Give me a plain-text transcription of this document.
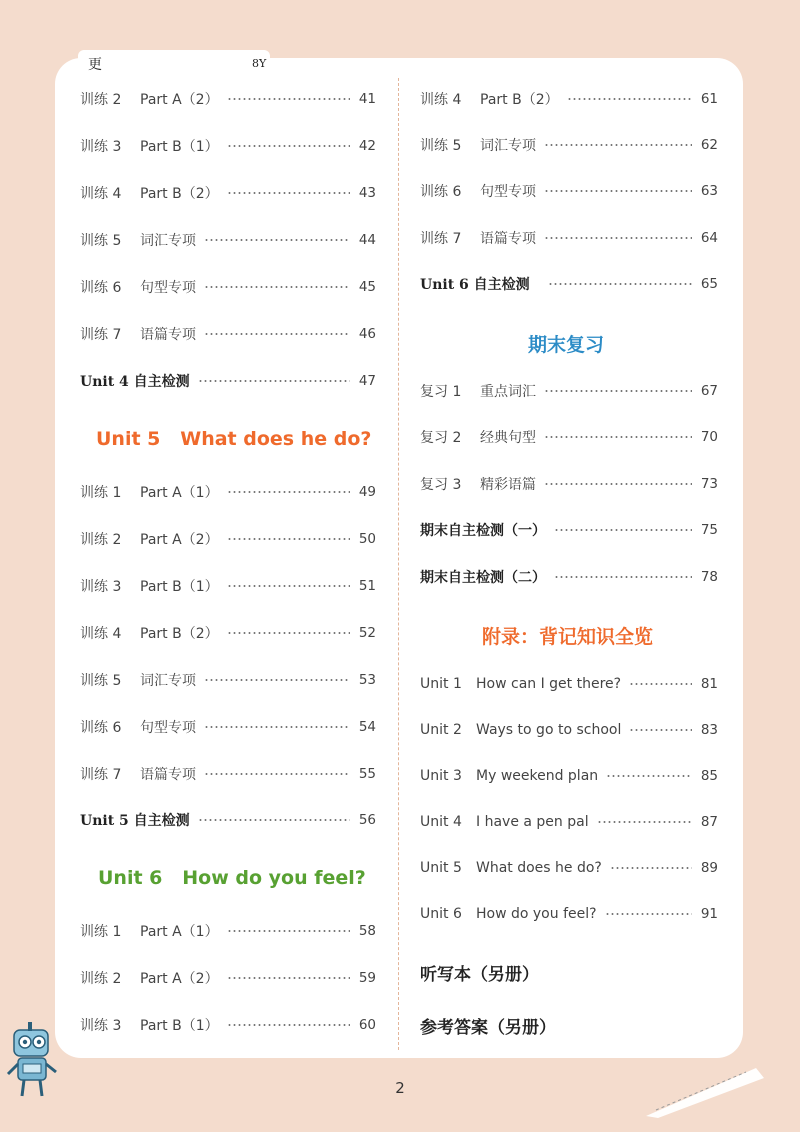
更	8Y
训练 2	Part A（2）	41
训练 3	Part B（1）	42
训练 4	Part B（2）	43
训练 5	词汇专项	44
训练 6	句型专项	45
训练 7	语篇专项	46
Unit 4 自主检测	47
Unit 5 What does he do?
训练 1	Part A（1）	49
训练 2	Part A（2）	50
训练 3	Part B（1）	51
训练 4	Part B（2）	52
训练 5	词汇专项	53
训练 6	句型专项	54
训练 7	语篇专项	55
Unit 5 自主检测	56
Unit 6 How do you feel?
训练 1	Part A（1）	58
训练 2	Part A（2）	59
训练 3	Part B（1）	60
训练 4	Part B（2）	61
训练 5	词汇专项	62
训练 6	句型专项	63
训练 7	语篇专项	64
Unit 6 自主检测	65
期末复习
复习 1	重点词汇	67
复习 2	经典句型	70
复习 3	精彩语篇	73
期末自主检测（一）	75
期末自主检测（二）	78
附录：背记知识全览
Unit 1	How can I get there?	81
Unit 2	Ways to go to school	83
Unit 3	My weekend plan	85
Unit 4	I have a pen pal	87
Unit 5	What does he do?	89
Unit 6	How do you feel?	91
听写本（另册）
参考答案（另册）
2
